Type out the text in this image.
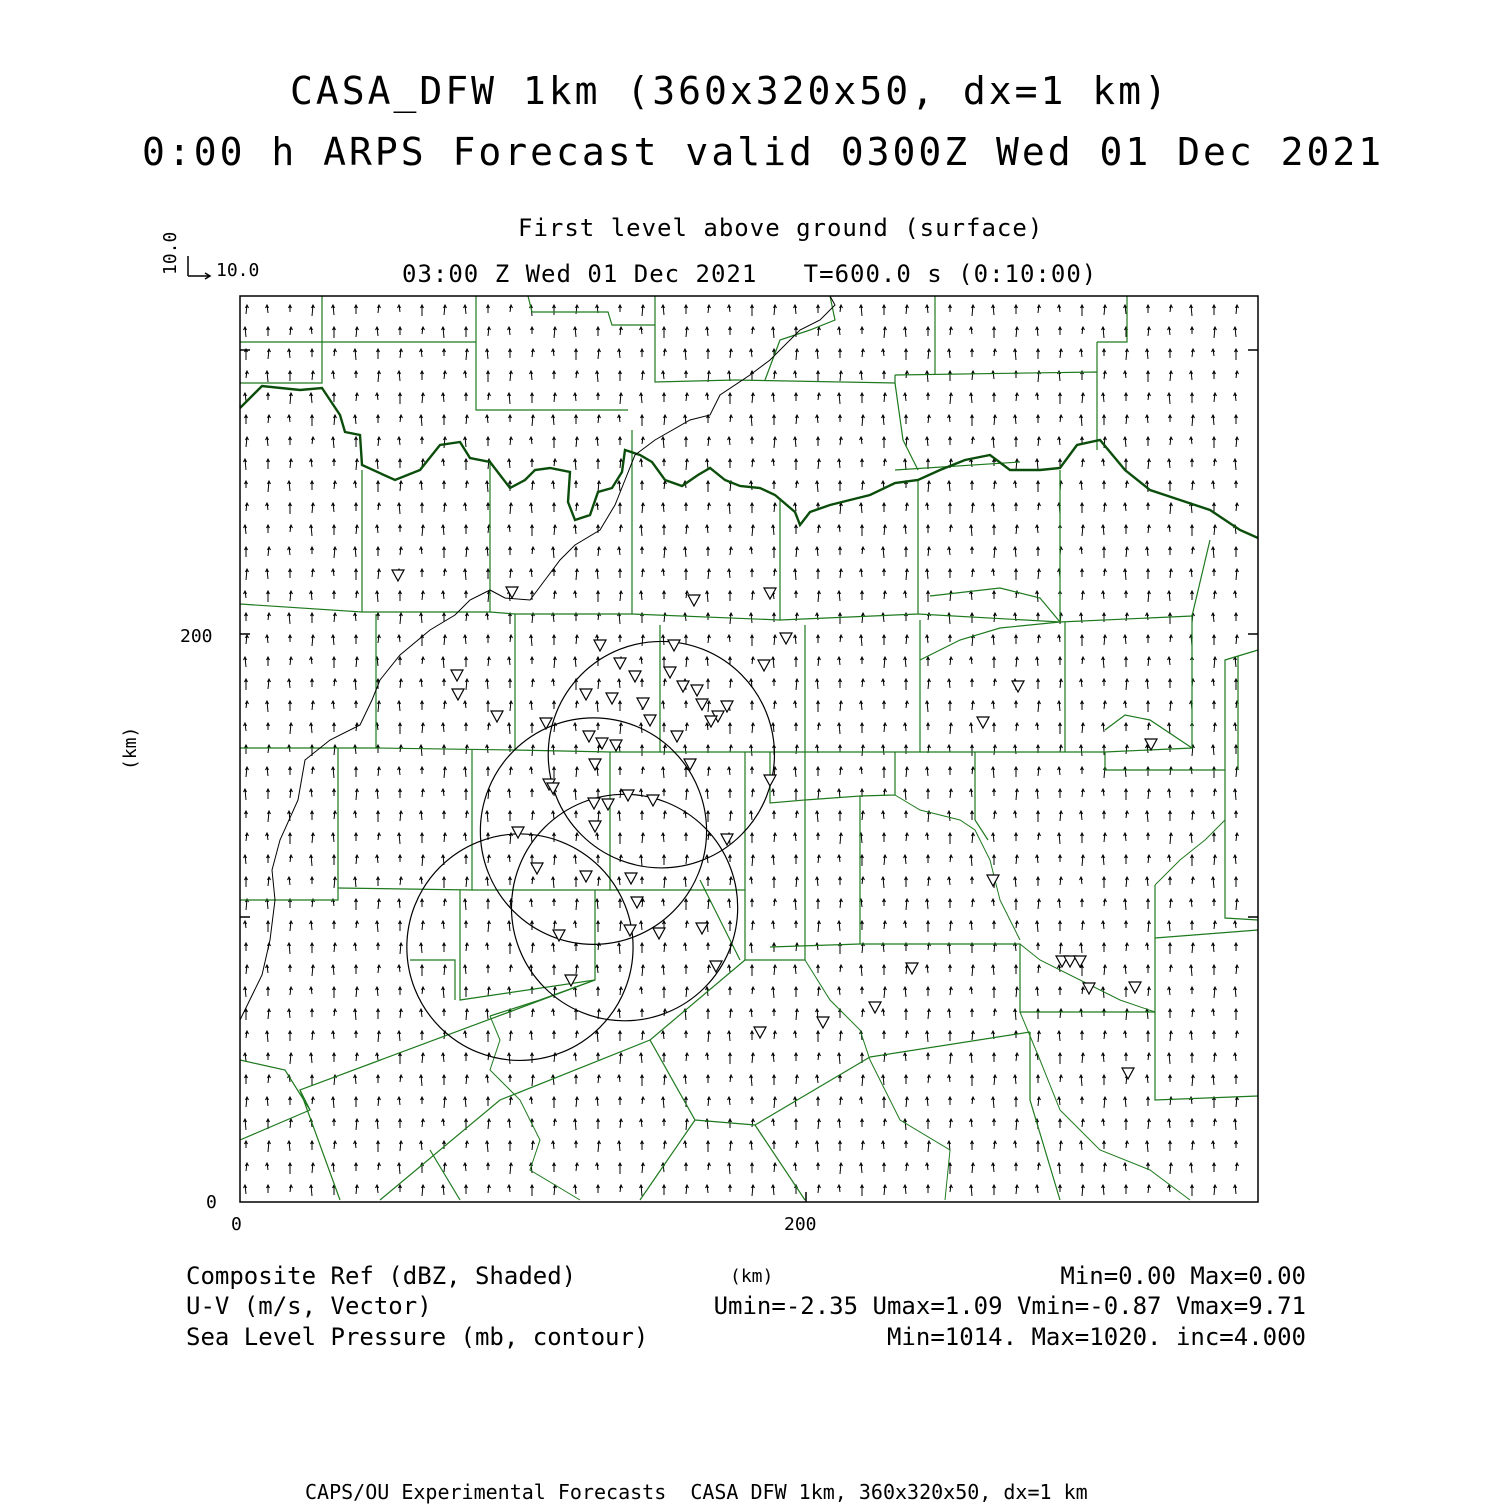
CASA_DFW 1km (360x320x50, dx=1 km)
0:00 h ARPS Forecast valid 0300Z Wed 01 Dec 2021
First level above ground (surface)
03:00 Z Wed 01 Dec 2021   T=600.0 s (0:10:00)
10.0
10.0
(km)
(km)
0	200
0
200
Composite Ref (dBZ, Shaded)	Min=0.00 Max=0.00
U-V (m/s, Vector)	Umin=-2.35 Umax=1.09 Vmin=-0.87 Vmax=9.71
Sea Level Pressure (mb, contour)	Min=1014. Max=1020. inc=4.000
CAPS/OU Experimental Forecasts  CASA DFW 1km, 360x320x50, dx=1 km
